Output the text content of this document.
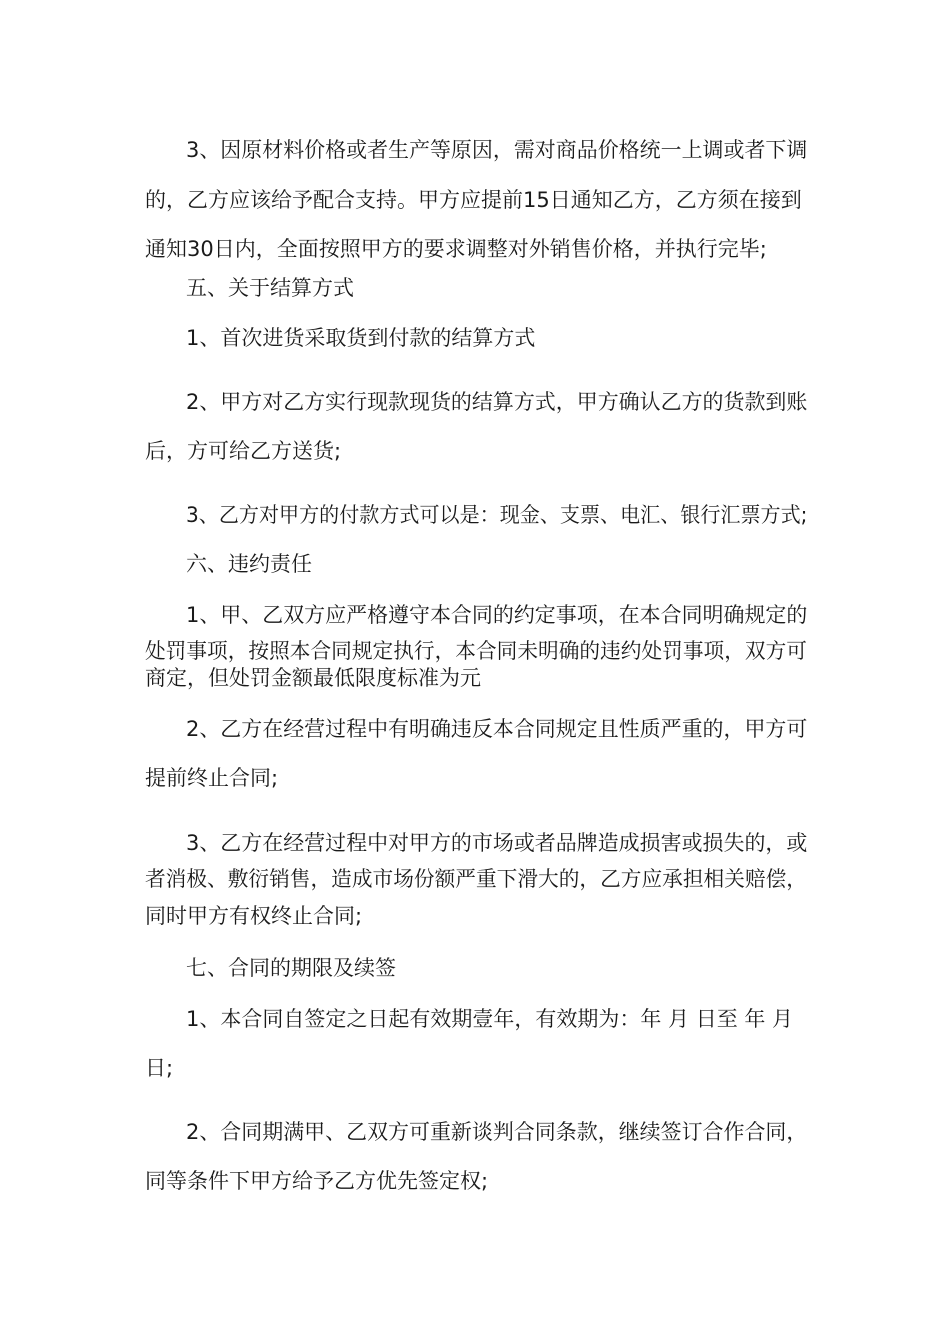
3、因原材料价格或者生产等原因，需对商品价格统一上调或者下调

的，乙方应该给予配合支持。甲方应提前15日通知乙方，乙方须在接到

通知30日内，全面按照甲方的要求调整对外销售价格，并执行完毕;

五、关于结算方式

1、首次进货采取货到付款的结算方式

2、甲方对乙方实行现款现货的结算方式，甲方确认乙方的货款到账

后，方可给乙方送货;

3、乙方对甲方的付款方式可以是：现金、支票、电汇、银行汇票方式;

六、违约责任

1、甲、乙双方应严格遵守本合同的约定事项，在本合同明确规定的

处罚事项，按照本合同规定执行，本合同未明确的违约处罚事项，双方可

商定，但处罚金额最低限度标准为元

2、乙方在经营过程中有明确违反本合同规定且性质严重的，甲方可

提前终止合同;

3、乙方在经营过程中对甲方的市场或者品牌造成损害或损失的，或

者消极、敷衍销售，造成市场份额严重下滑大的，乙方应承担相关赔偿，

同时甲方有权终止合同;

七、合同的期限及续签

1、本合同自签定之日起有效期壹年，有效期为：年 月 日至 年 月

日;

2、合同期满甲、乙双方可重新谈判合同条款，继续签订合作合同，

同等条件下甲方给予乙方优先签定权;
